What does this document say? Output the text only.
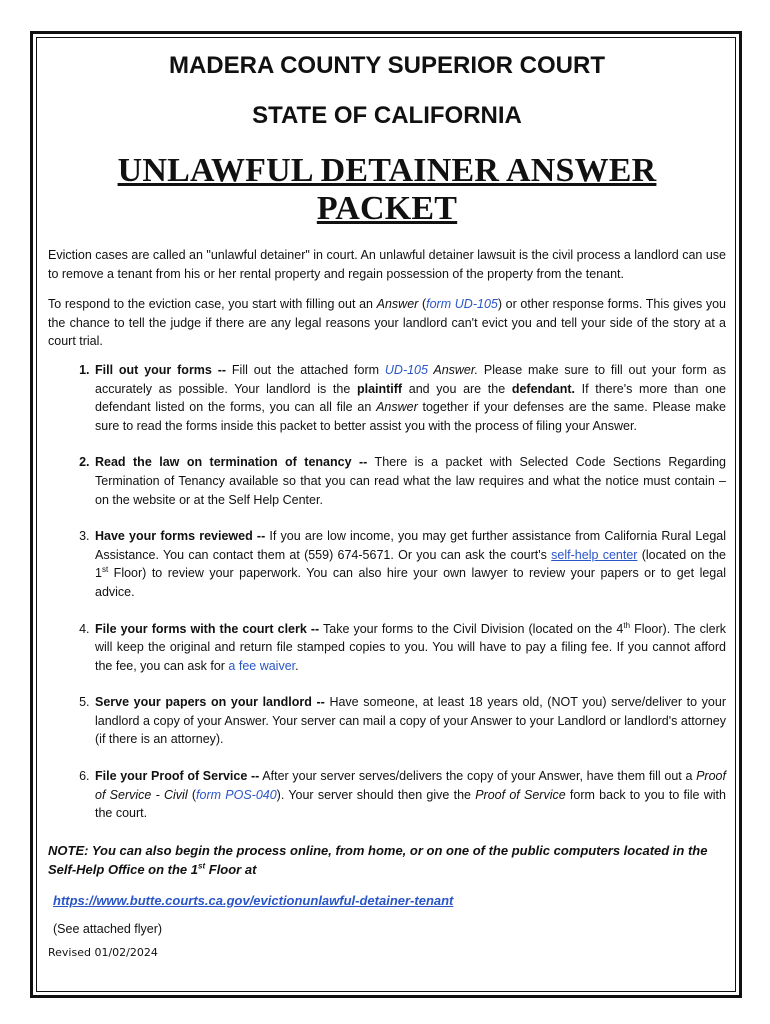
MADERA COUNTY SUPERIOR COURT
STATE OF CALIFORNIA
UNLAWFUL DETAINER ANSWER PACKET

Eviction cases are called an "unlawful detainer" in court. An unlawful detainer lawsuit is the civil process a landlord can use to remove a tenant from his or her rental property and regain possession of the property from the tenant.

To respond to the eviction case, you start with filling out an Answer (form UD-105) or other response forms. This gives you the chance to tell the judge if there are any legal reasons your landlord can't evict you and tell your side of the story at a court trial.

1. Fill out your forms -- Fill out the attached form UD-105 Answer. Please make sure to fill out your form as accurately as possible. Your landlord is the plaintiff and you are the defendant. If there's more than one defendant listed on the forms, you can all file an Answer together if your defenses are the same. Please make sure to read the forms inside this packet to better assist you with the process of filing your Answer.
2. Read the law on termination of tenancy -- There is a packet with Selected Code Sections Regarding Termination of Tenancy available so that you can read what the law requires and what the notice must contain – on the website or at the Self Help Center.
3. Have your forms reviewed -- If you are low income, you may get further assistance from California Rural Legal Assistance. You can contact them at (559) 674-5671. Or you can ask the court's self-help center (located on the 1st Floor) to review your paperwork. You can also hire your own lawyer to review your papers or to get legal advice.
4. File your forms with the court clerk -- Take your forms to the Civil Division (located on the 4th Floor). The clerk will keep the original and return file stamped copies to you. You will have to pay a filing fee. If you cannot afford the fee, you can ask for a fee waiver.
5. Serve your papers on your landlord -- Have someone, at least 18 years old, (NOT you) serve/deliver to your landlord a copy of your Answer. Your server can mail a copy of your Answer to your Landlord or landlord's attorney (if there is an attorney).
6. File your Proof of Service -- After your server serves/delivers the copy of your Answer, have them fill out a Proof of Service - Civil (form POS-040). Your server should then give the Proof of Service form back to you to file with the court.

NOTE: You can also begin the process online, from home, or on one of the public computers located in the Self-Help Office on the 1st Floor at

https://www.butte.courts.ca.gov/evictionunlawful-detainer-tenant
(See attached flyer)
Revised 01/02/2024
